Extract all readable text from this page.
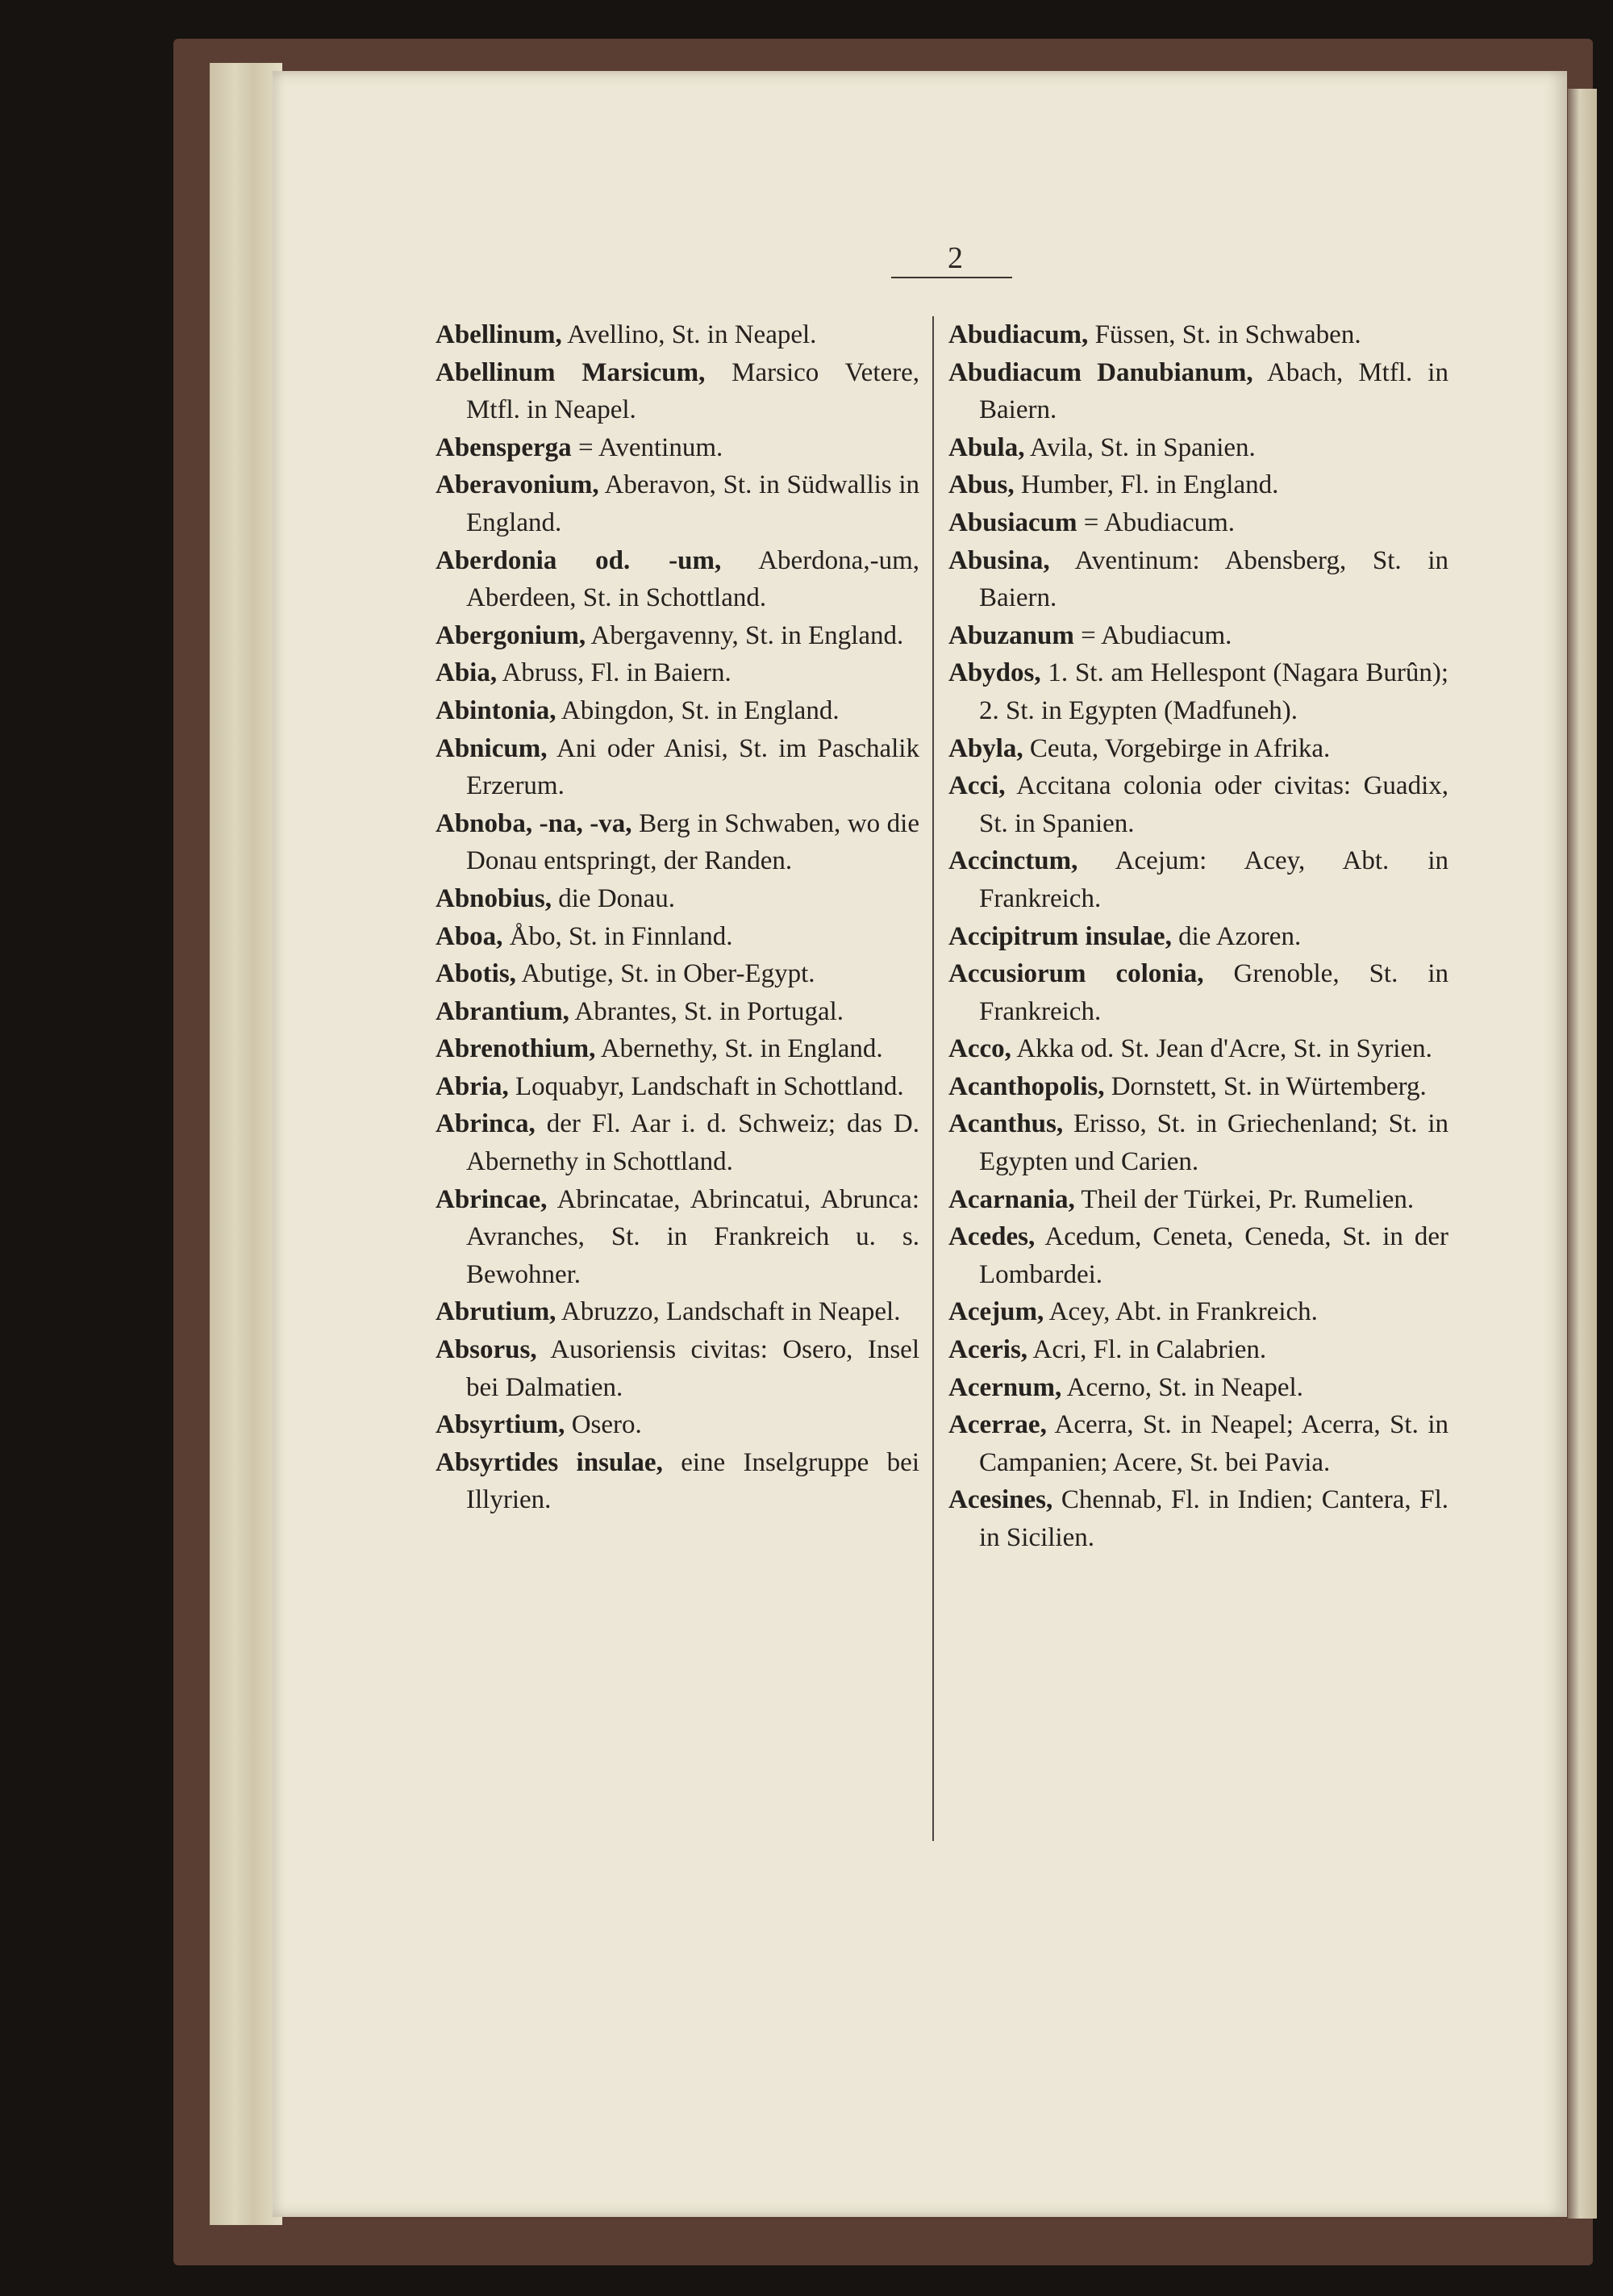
2

Abellinum, Avellino, St. in Neapel.

Abellinum Marsicum, Marsico Vetere, Mtfl. in Neapel.

Abensperga = Aventinum.

Aberavonium, Aberavon, St. in Südwallis in England.

Aberdonia od. -um, Aberdona,-um, Aberdeen, St. in Schottland.

Abergonium, Abergavenny, St. in England.

Abia, Abruss, Fl. in Baiern.

Abintonia, Abingdon, St. in England.

Abnicum, Ani oder Anisi, St. im Paschalik Erzerum.

Abnoba, -na, -va, Berg in Schwaben, wo die Donau entspringt, der Randen.

Abnobius, die Donau.

Aboa, Åbo, St. in Finnland.

Abotis, Abutige, St. in Ober-Egypt.

Abrantium, Abrantes, St. in Portugal.

Abrenothium, Abernethy, St. in England.

Abria, Loquabyr, Landschaft in Schottland.

Abrinca, der Fl. Aar i. d. Schweiz; das D. Abernethy in Schottland.

Abrincae, Abrincatae, Abrincatui, Abrunca: Avranches, St. in Frankreich u. s. Bewohner.

Abrutium, Abruzzo, Landschaft in Neapel.

Absorus, Ausoriensis civitas: Osero, Insel bei Dalmatien.

Absyrtium, Osero.

Absyrtides insulae, eine Inselgruppe bei Illyrien.

Abudiacum, Füssen, St. in Schwaben.

Abudiacum Danubianum, Abach, Mtfl. in Baiern.

Abula, Avila, St. in Spanien.

Abus, Humber, Fl. in England.

Abusiacum = Abudiacum.

Abusina, Aventinum: Abensberg, St. in Baiern.

Abuzanum = Abudiacum.

Abydos, 1. St. am Hellespont (Nagara Burûn); 2. St. in Egypten (Madfuneh).

Abyla, Ceuta, Vorgebirge in Afrika.

Acci, Accitana colonia oder civitas: Guadix, St. in Spanien.

Accinctum, Acejum: Acey, Abt. in Frankreich.

Accipitrum insulae, die Azoren.

Accusiorum colonia, Grenoble, St. in Frankreich.

Acco, Akka od. St. Jean d'Acre, St. in Syrien.

Acanthopolis, Dornstett, St. in Würtemberg.

Acanthus, Erisso, St. in Griechenland; St. in Egypten und Carien.

Acarnania, Theil der Türkei, Pr. Rumelien.

Acedes, Acedum, Ceneta, Ceneda, St. in der Lombardei.

Acejum, Acey, Abt. in Frankreich.

Aceris, Acri, Fl. in Calabrien.

Acernum, Acerno, St. in Neapel.

Acerrae, Acerra, St. in Neapel; Acerra, St. in Campanien; Acere, St. bei Pavia.

Acesines, Chennab, Fl. in Indien; Cantera, Fl. in Sicilien.
